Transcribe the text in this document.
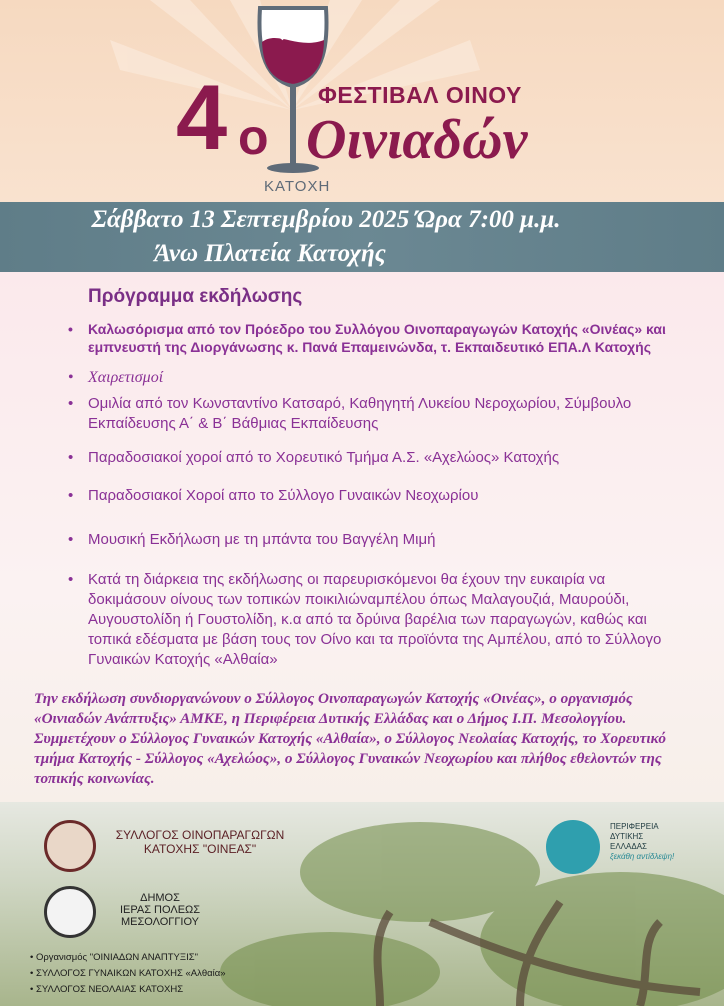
4 ο
ΦΕΣΤΙΒΑΛ ΟΙΝΟΥ
Οινιαδών
ΚΑΤΟΧΗ
Σάββατο 13 Σεπτεμβρίου 2025 Ώρα 7:00 μ.μ.
Άνω Πλατεία Κατοχής
Πρόγραμμα εκδήλωσης
• Καλωσόρισμα από τον Πρόεδρο του Συλλόγου Οινοπαραγωγών Κατοχής «Οινέας» και εμπνευστή της Διοργάνωσης κ. Πανά Επαμεινώνδα, τ. Εκπαιδευτικό ΕΠΑ.Λ Κατοχής
• Χαιρετισμοί
• Ομιλία από τον Κωνσταντίνο Κατσαρό, Καθηγητή Λυκείου Νεροχωρίου, Σύμβουλο Εκπαίδευσης Α΄ & Β΄ Βάθμιας Εκπαίδευσης
• Παραδοσιακοί χοροί από το Χορευτικό Τμήμα Α.Σ. «Αχελώος» Κατοχής
• Παραδοσιακοί Χοροί απο το Σύλλογο Γυναικών Νεοχωρίου
• Μουσική Εκδήλωση με τη μπάντα του Βαγγέλη Μιμή
• Κατά τη διάρκεια της εκδήλωσης οι παρευρισκόμενοι θα έχουν την ευκαιρία να δοκιμάσουν οίνους των τοπικών ποικιλιώναμπέλου όπως Μαλαγουζιά, Μαυρούδι, Αυγουστολίδη ή Γουστολίδη, κ.α από τα δρύινα βαρέλια των παραγωγών, καθώς και τοπικά εδέσματα με βάση τους τον Οίνο και τα προϊόντα της Αμπέλου, από το Σύλλογο Γυναικών Κατοχής «Αλθαία»
Την εκδήλωση συνδιοργανώνουν ο Σύλλογος Οινοπαραγωγών Κατοχής «Οινέας», ο οργανισμός «Οινιαδών Ανάπτυξις» ΑΜΚΕ, η Περιφέρεια Δυτικής Ελλάδας και ο Δήμος Ι.Π. Μεσολογγίου. Συμμετέχουν ο Σύλλογος Γυναικών Κατοχής «Αλθαία», ο Σύλλογος Νεολαίας Κατοχής, το Χορευτικό τμήμα Κατοχής - Σύλλογος «Αχελώος», ο Σύλλογος Γυναικών Νεοχωρίου και πλήθος εθελοντών της τοπικής κοινωνίας.
ΣΥΛΛΟΓΟΣ ΟΙΝΟΠΑΡΑΓΩΓΩΝ
ΚΑΤΟΧΗΣ "ΟΙΝΕΑΣ"
ΔΗΜΟΣ
ΙΕΡΑΣ ΠΟΛΕΩΣ
ΜΕΣΟΛΟΓΓΙΟΥ
• Οργανισμός "ΟΙΝΙΑΔΩΝ ΑΝΑΠΤΥΞΙΣ"
• ΣΥΛΛΟΓΟΣ ΓΥΝΑΙΚΩΝ ΚΑΤΟΧΗΣ «Αλθαία»
• ΣΥΛΛΟΓΟΣ ΝΕΟΛΑΙΑΣ ΚΑΤΟΧΗΣ
ΠΕΡΙΦΕΡΕΙΑ
ΔΥΤΙΚΗΣ
ΕΛΛΑΔΑΣ
ξεκάθη αντίδλεψη!
